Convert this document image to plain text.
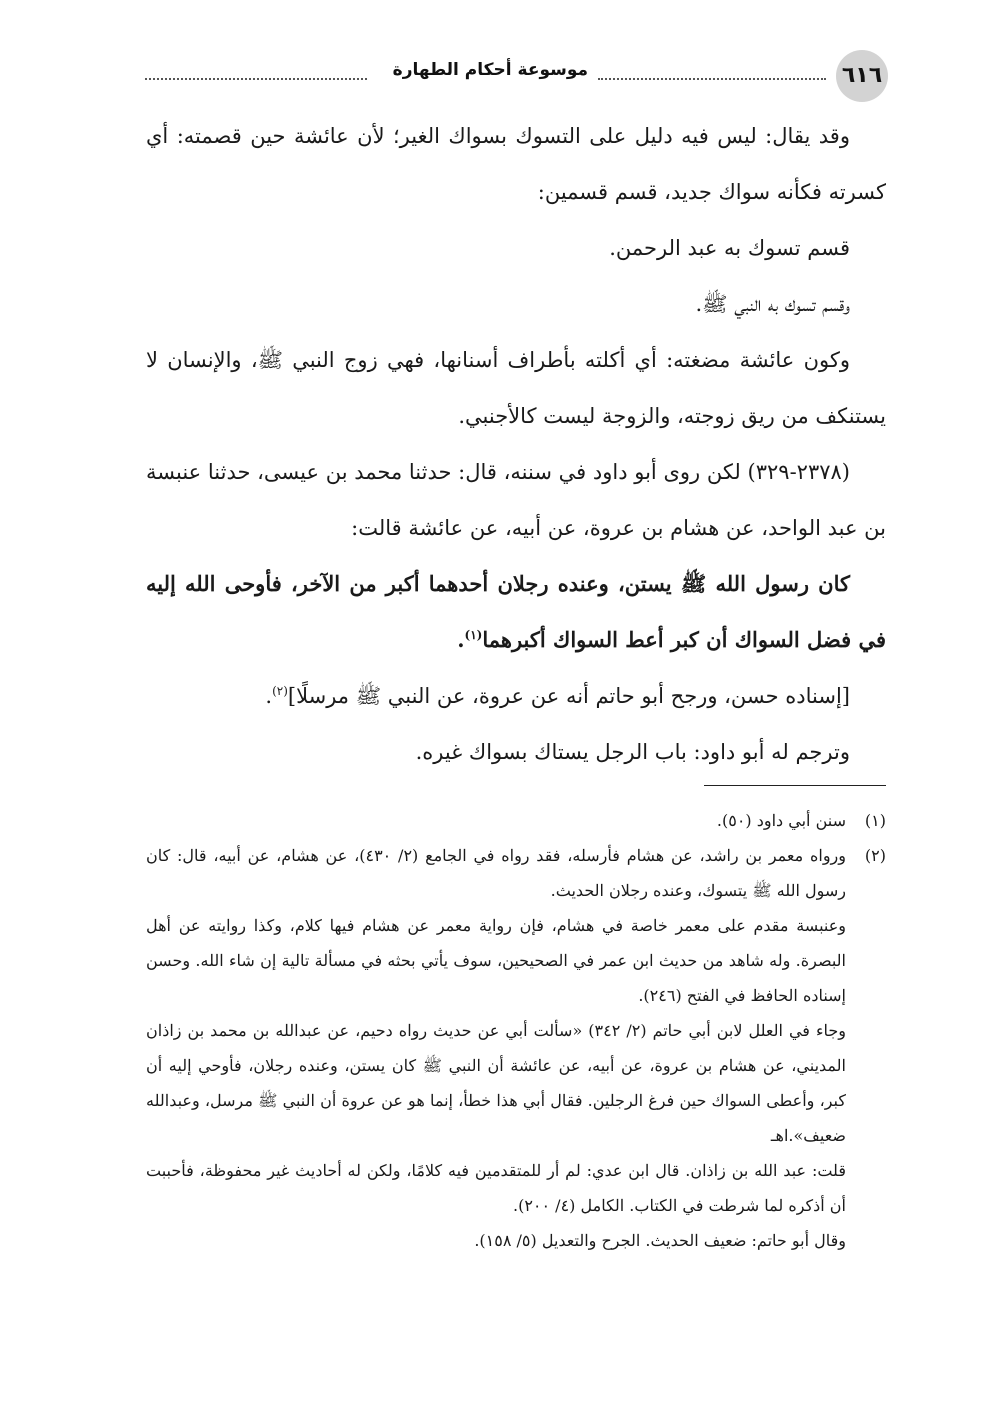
٦١٦
موسوعة أحكام الطهارة

وقد يقال: ليس فيه دليل على التسوك بسواك الغير؛ لأن عائشة حين قصمته: أي كسرته فكأنه سواك جديد، قسم قسمين:

قسم تسوك به عبد الرحمن.

وقسم تسوك به النبي ﷺ.

وكون عائشة مضغته: أي أكلته بأطراف أسنانها، فهي زوج النبي ﷺ، والإنسان لا يستنكف من ريق زوجته، والزوجة ليست كالأجنبي.

(٢٣٧٨-٣٢٩) لكن روى أبو داود في سننه، قال: حدثنا محمد بن عيسى، حدثنا عنبسة بن عبد الواحد، عن هشام بن عروة، عن أبيه، عن عائشة قالت:

كان رسول الله ﷺ يستن، وعنده رجلان أحدهما أكبر من الآخر، فأوحى الله إليه في فضل السواك أن كبر أعط السواك أكبرهما$^{(١)}$.

[إسناده حسن، ورجح أبو حاتم أنه عن عروة، عن النبي ﷺ مرسلًا]$^{(٢)}$.

وترجم له أبو داود: باب الرجل يستاك بسواك غيره.

(١)
سنن أبي داود (٥٠).

(٢)
ورواه معمر بن راشد، عن هشام فأرسله، فقد رواه في الجامع (٢/ ٤٣٠)، عن هشام، عن أبيه، قال: كان رسول الله ﷺ يتسوك، وعنده رجلان الحديث.

وعنبسة مقدم على معمر خاصة في هشام، فإن رواية معمر عن هشام فيها كلام، وكذا روايته عن أهل البصرة. وله شاهد من حديث ابن عمر في الصحيحين، سوف يأتي بحثه في مسألة تالية إن شاء الله. وحسن إسناده الحافظ في الفتح (٢٤٦).

وجاء في العلل لابن أبي حاتم (٢/ ٣٤٢) «سألت أبي عن حديث رواه دحيم، عن عبدالله بن محمد بن زاذان المديني، عن هشام بن عروة، عن أبيه، عن عائشة أن النبي ﷺ كان يستن، وعنده رجلان، فأوحي إليه أن كبر، وأعطى السواك حين فرغ الرجلين. فقال أبي هذا خطأ، إنما هو عن عروة أن النبي ﷺ مرسل، وعبدالله ضعيف».اهـ

قلت: عبد الله بن زاذان. قال ابن عدي: لم أر للمتقدمين فيه كلامًا، ولكن له أحاديث غير محفوظة، فأحببت أن أذكره لما شرطت في الكتاب. الكامل (٤/ ٢٠٠).

وقال أبو حاتم: ضعيف الحديث. الجرح والتعديل (٥/ ١٥٨).
